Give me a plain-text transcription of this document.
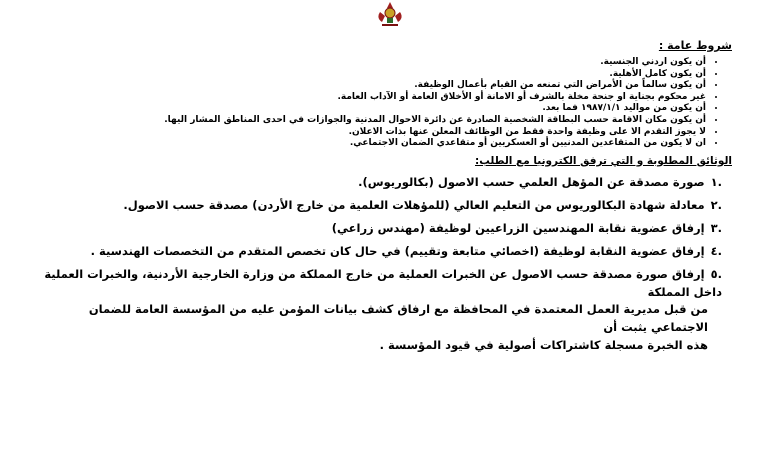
شروط عامة :
• أن يكون اردني الجنسية.
• أن يكون كامل الأهلية.
• أن يكون سالماً من الأمراض التي تمنعه من القيام بأعمال الوظيفة.
• غير محكوم بجناية او جنحة مخلة بالشرف أو الامانة أو الأخلاق العامة أو الآداب العامة.
• أن يكون من مواليد ١٩٨٧/١/١ فما بعد.
• أن يكون مكان الاقامة حسب البطاقة الشخصية الصادرة عن دائرة الاحوال المدنية والجوازات في احدى المناطق المشار اليها.
• لا يجوز التقدم الا على وظيفة واحدة فقط من الوظائف المعلن عنها بذات الاعلان.
• ان لا يكون من المتقاعدين المدنيين أو العسكريين أو متقاعدي الضمان الاجتماعي.
الوثائق المطلوبة و التي ترفق الكترونيا مع الطلب:
.١صورة مصدقة عن المؤهل العلمي حسب الاصول (بكالوريوس).
.٢معادلة شهادة البكالوريوس من التعليم العالي (للمؤهلات العلمية من خارج الأردن) مصدقة حسب الاصول.
.٣إرفاق عضوية نقابة المهندسين الزراعيين لوظيفة (مهندس زراعي)
.٤إرفاق عضوية النقابة لوظيفة (اخصائي متابعة وتقييم) في حال كان تخصص المتقدم من التخصصات الهندسية .
.٥إرفاق صورة مصدقة حسب الاصول عن الخبرات العملية من خارج المملكة من وزارة الخارجية الأردنية، والخبرات العملية داخل المملكة
من قبل مديرية العمل المعتمدة في المحافظة مع ارفاق كشف بيانات المؤمن عليه من المؤسسة العامة للضمان الاجتماعي يثبت أن
هذه الخبرة مسجلة كاشتراكات أصولية في قيود المؤسسة .
